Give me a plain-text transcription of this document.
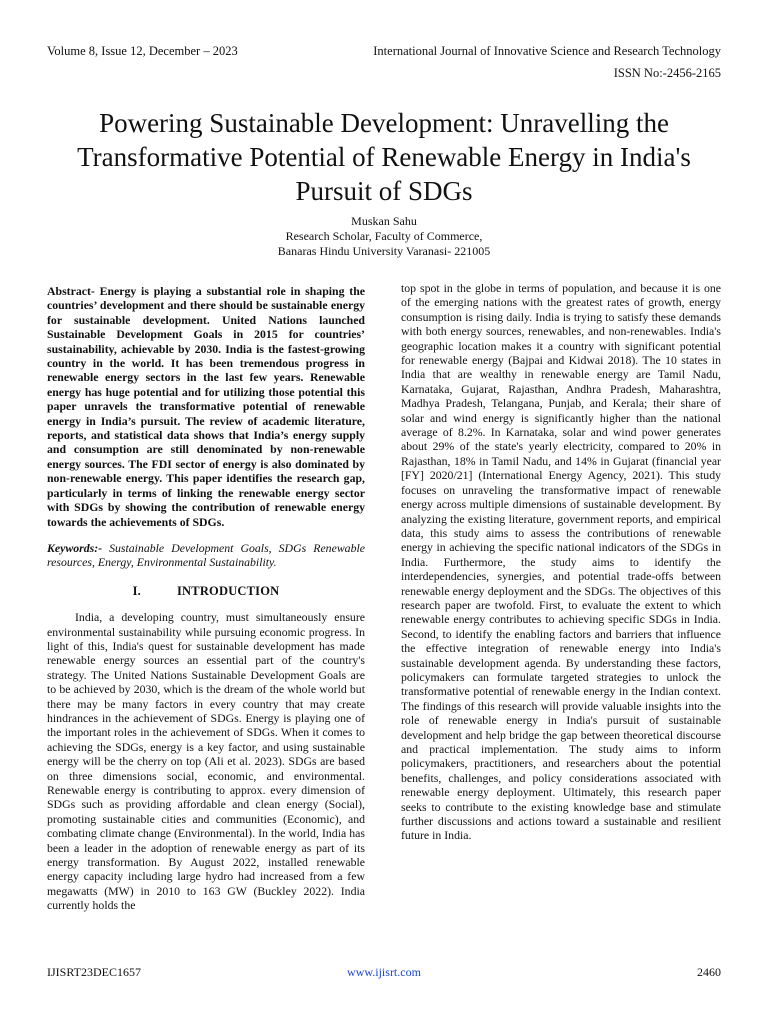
Volume 8, Issue 12, December – 2023	International Journal of Innovative Science and Research Technology
ISSN No:-2456-2165
Powering Sustainable Development: Unravelling the Transformative Potential of Renewable Energy in India's Pursuit of SDGs
Muskan Sahu
Research Scholar, Faculty of Commerce,
Banaras Hindu University Varanasi- 221005

Abstract- Energy is playing a substantial role in shaping the countries’ development and there should be sustainable energy for sustainable development. United Nations launched Sustainable Development Goals in 2015 for countries’ sustainability, achievable by 2030. India is the fastest-growing country in the world. It has been tremendous progress in renewable energy sectors in the last few years. Renewable energy has huge potential and for utilizing those potential this paper unravels the transformative potential of renewable energy in India’s pursuit. The review of academic literature, reports, and statistical data shows that India’s energy supply and consumption are still denominated by non-renewable energy sources. The FDI sector of energy is also dominated by non-renewable energy. This paper identifies the research gap, particularly in terms of linking the renewable energy sector with SDGs by showing the contribution of renewable energy towards the achievements of SDGs.

Keywords:- Sustainable Development Goals, SDGs Renewable resources, Energy, Environmental Sustainability.

I.	INTRODUCTION

India, a developing country, must simultaneously ensure environmental sustainability while pursuing economic progress. In light of this, India's quest for sustainable development has made renewable energy sources an essential part of the country's strategy. The United Nations Sustainable Development Goals are to be achieved by 2030, which is the dream of the whole world but there may be many factors in every country that may create hindrances in the achievement of SDGs. Energy is playing one of the important roles in the achievement of SDGs. When it comes to achieving the SDGs, energy is a key factor, and using sustainable energy will be the cherry on top (Ali et al. 2023). SDGs are based on three dimensions social, economic, and environmental. Renewable energy is contributing to approx. every dimension of SDGs such as providing affordable and clean energy (Social), promoting sustainable cities and communities (Economic), and combating climate change (Environmental). In the world, India has been a leader in the adoption of renewable energy as part of its energy transformation. By August 2022, installed renewable energy capacity including large hydro had increased from a few megawatts (MW) in 2010 to 163 GW (Buckley 2022). India currently holds the

top spot in the globe in terms of population, and because it is one of the emerging nations with the greatest rates of growth, energy consumption is rising daily. India is trying to satisfy these demands with both energy sources, renewables, and non-renewables. India's geographic location makes it a country with significant potential for renewable energy (Bajpai and Kidwai 2018). The 10 states in India that are wealthy in renewable energy are Tamil Nadu, Karnataka, Gujarat, Rajasthan, Andhra Pradesh, Maharashtra, Madhya Pradesh, Telangana, Punjab, and Kerala; their share of solar and wind energy is significantly higher than the national average of 8.2%. In Karnataka, solar and wind power generates about 29% of the state's yearly electricity, compared to 20% in Rajasthan, 18% in Tamil Nadu, and 14% in Gujarat (financial year [FY] 2020/21] (International Energy Agency, 2021). This study focuses on unraveling the transformative impact of renewable energy across multiple dimensions of sustainable development. By analyzing the existing literature, government reports, and empirical data, this study aims to assess the contributions of renewable energy in achieving the specific national indicators of the SDGs in India. Furthermore, the study aims to identify the interdependencies, synergies, and potential trade-offs between renewable energy deployment and the SDGs. The objectives of this research paper are twofold. First, to evaluate the extent to which renewable energy contributes to achieving specific SDGs in India. Second, to identify the enabling factors and barriers that influence the effective integration of renewable energy into India's sustainable development agenda. By understanding these factors, policymakers can formulate targeted strategies to unlock the transformative potential of renewable energy in the Indian context. The findings of this research will provide valuable insights into the role of renewable energy in India's pursuit of sustainable development and help bridge the gap between theoretical discourse and practical implementation. The study aims to inform policymakers, practitioners, and researchers about the potential benefits, challenges, and policy considerations associated with renewable energy deployment. Ultimately, this research paper seeks to contribute to the existing knowledge base and stimulate further discussions and actions toward a sustainable and resilient future in India.

IJISRT23DEC1657	www.ijisrt.com	2460
